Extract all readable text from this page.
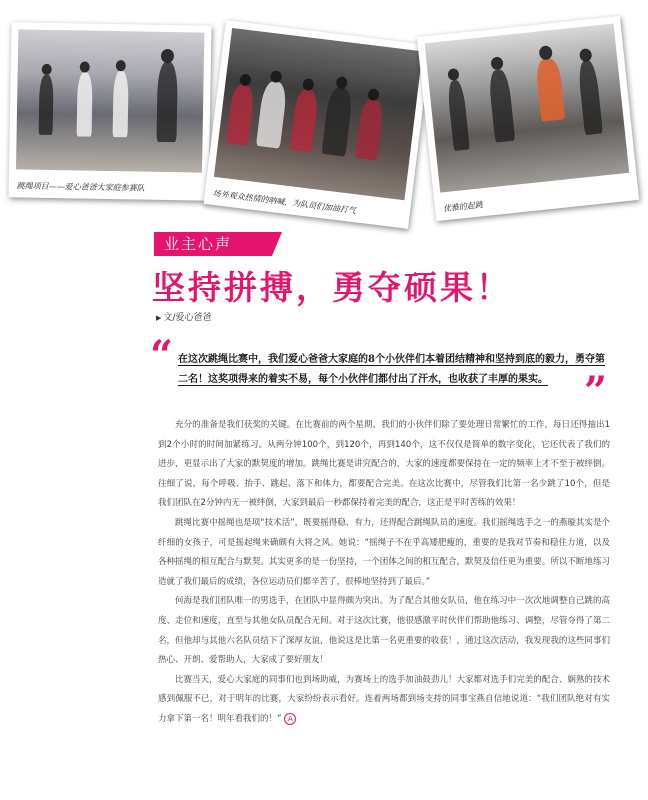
跳绳项目——爱心爸爸大家庭参赛队
场外观众热情的呐喊，为队员们加油打气	优雅的起跳
业主心声
坚持拼搏，勇夺硕果！
▶ 文/爱心爸爸
“ 在这次跳绳比赛中，我们爱心爸爸大家庭的8个小伙伴们本着团结精神和坚持到底的毅力，勇夺第二名！这奖项得来的着实不易，每个小伙伴们都付出了汗水，也收获了丰厚的果实。 ”

充分的准备是我们获奖的关键。在比赛前的两个星期，我们的小伙伴们除了要处理日常繁忙的工作，每日还得抽出1到2个小时的时间加紧练习。从两分钟100个，到120个，再到140个，这不仅仅是简单的数字变化，它还代表了我们的进步，更显示出了大家的默契度的增加。跳绳比赛是讲究配合的，大家的速度都要保持在一定的频率上才不至于被绊倒。往细了说，每个呼吸、抬手、跳起、落下和体力，都要配合完美。在这次比赛中，尽管我们比第一名少跳了10个，但是我们团队在2分钟内无一被绊倒，大家到最后一秒都保持着完美的配合，这正是平时苦练的效果！

跳绳比赛中摇绳也是项“技术活”，既要摇得稳、有力，还得配合跳绳队员的速度。我们摇绳选手之一的燕璇其实是个纤细的女孩子，可是摇起绳来确颇有大将之风。她说：“摇绳子不在乎高矮肥瘦的，重要的是我对节奏和稳住力道，以及各种摇绳的相互配合与默契。其实更多的是一份坚持，一个团体之间的相互配合，默契及信任更为重要。所以不断地练习造就了我们最后的成绩，各位运动员们都辛苦了，很棒地坚持到了最后。”

何海是我们团队唯一的男选手，在团队中显得颇为突出。为了配合其他女队员，他在练习中一次次地调整自己跳的高度、走位和速度，直至与其他女队员配合无间。对于这次比赛，他很感激平时伙伴们帮助他练习、调整，尽管夺得了第二名，但他却与其他六名队员结下了深厚友谊，他说这是比第一名更重要的收获！，通过这次活动，我发现我的这些同事们热心、开朗、爱帮助人，大家成了要好朋友！

比赛当天，爱心大家庭的同事们也到场助威，为赛场上的选手加油鼓劲儿！大家都对选手们完美的配合、娴熟的技术感到佩服不已，对于明年的比赛，大家纷纷表示看好。连着两场都到场支持的同事宝燕自信地说道：“我们团队绝对有实力拿下第一名！明年看我们的！” A
